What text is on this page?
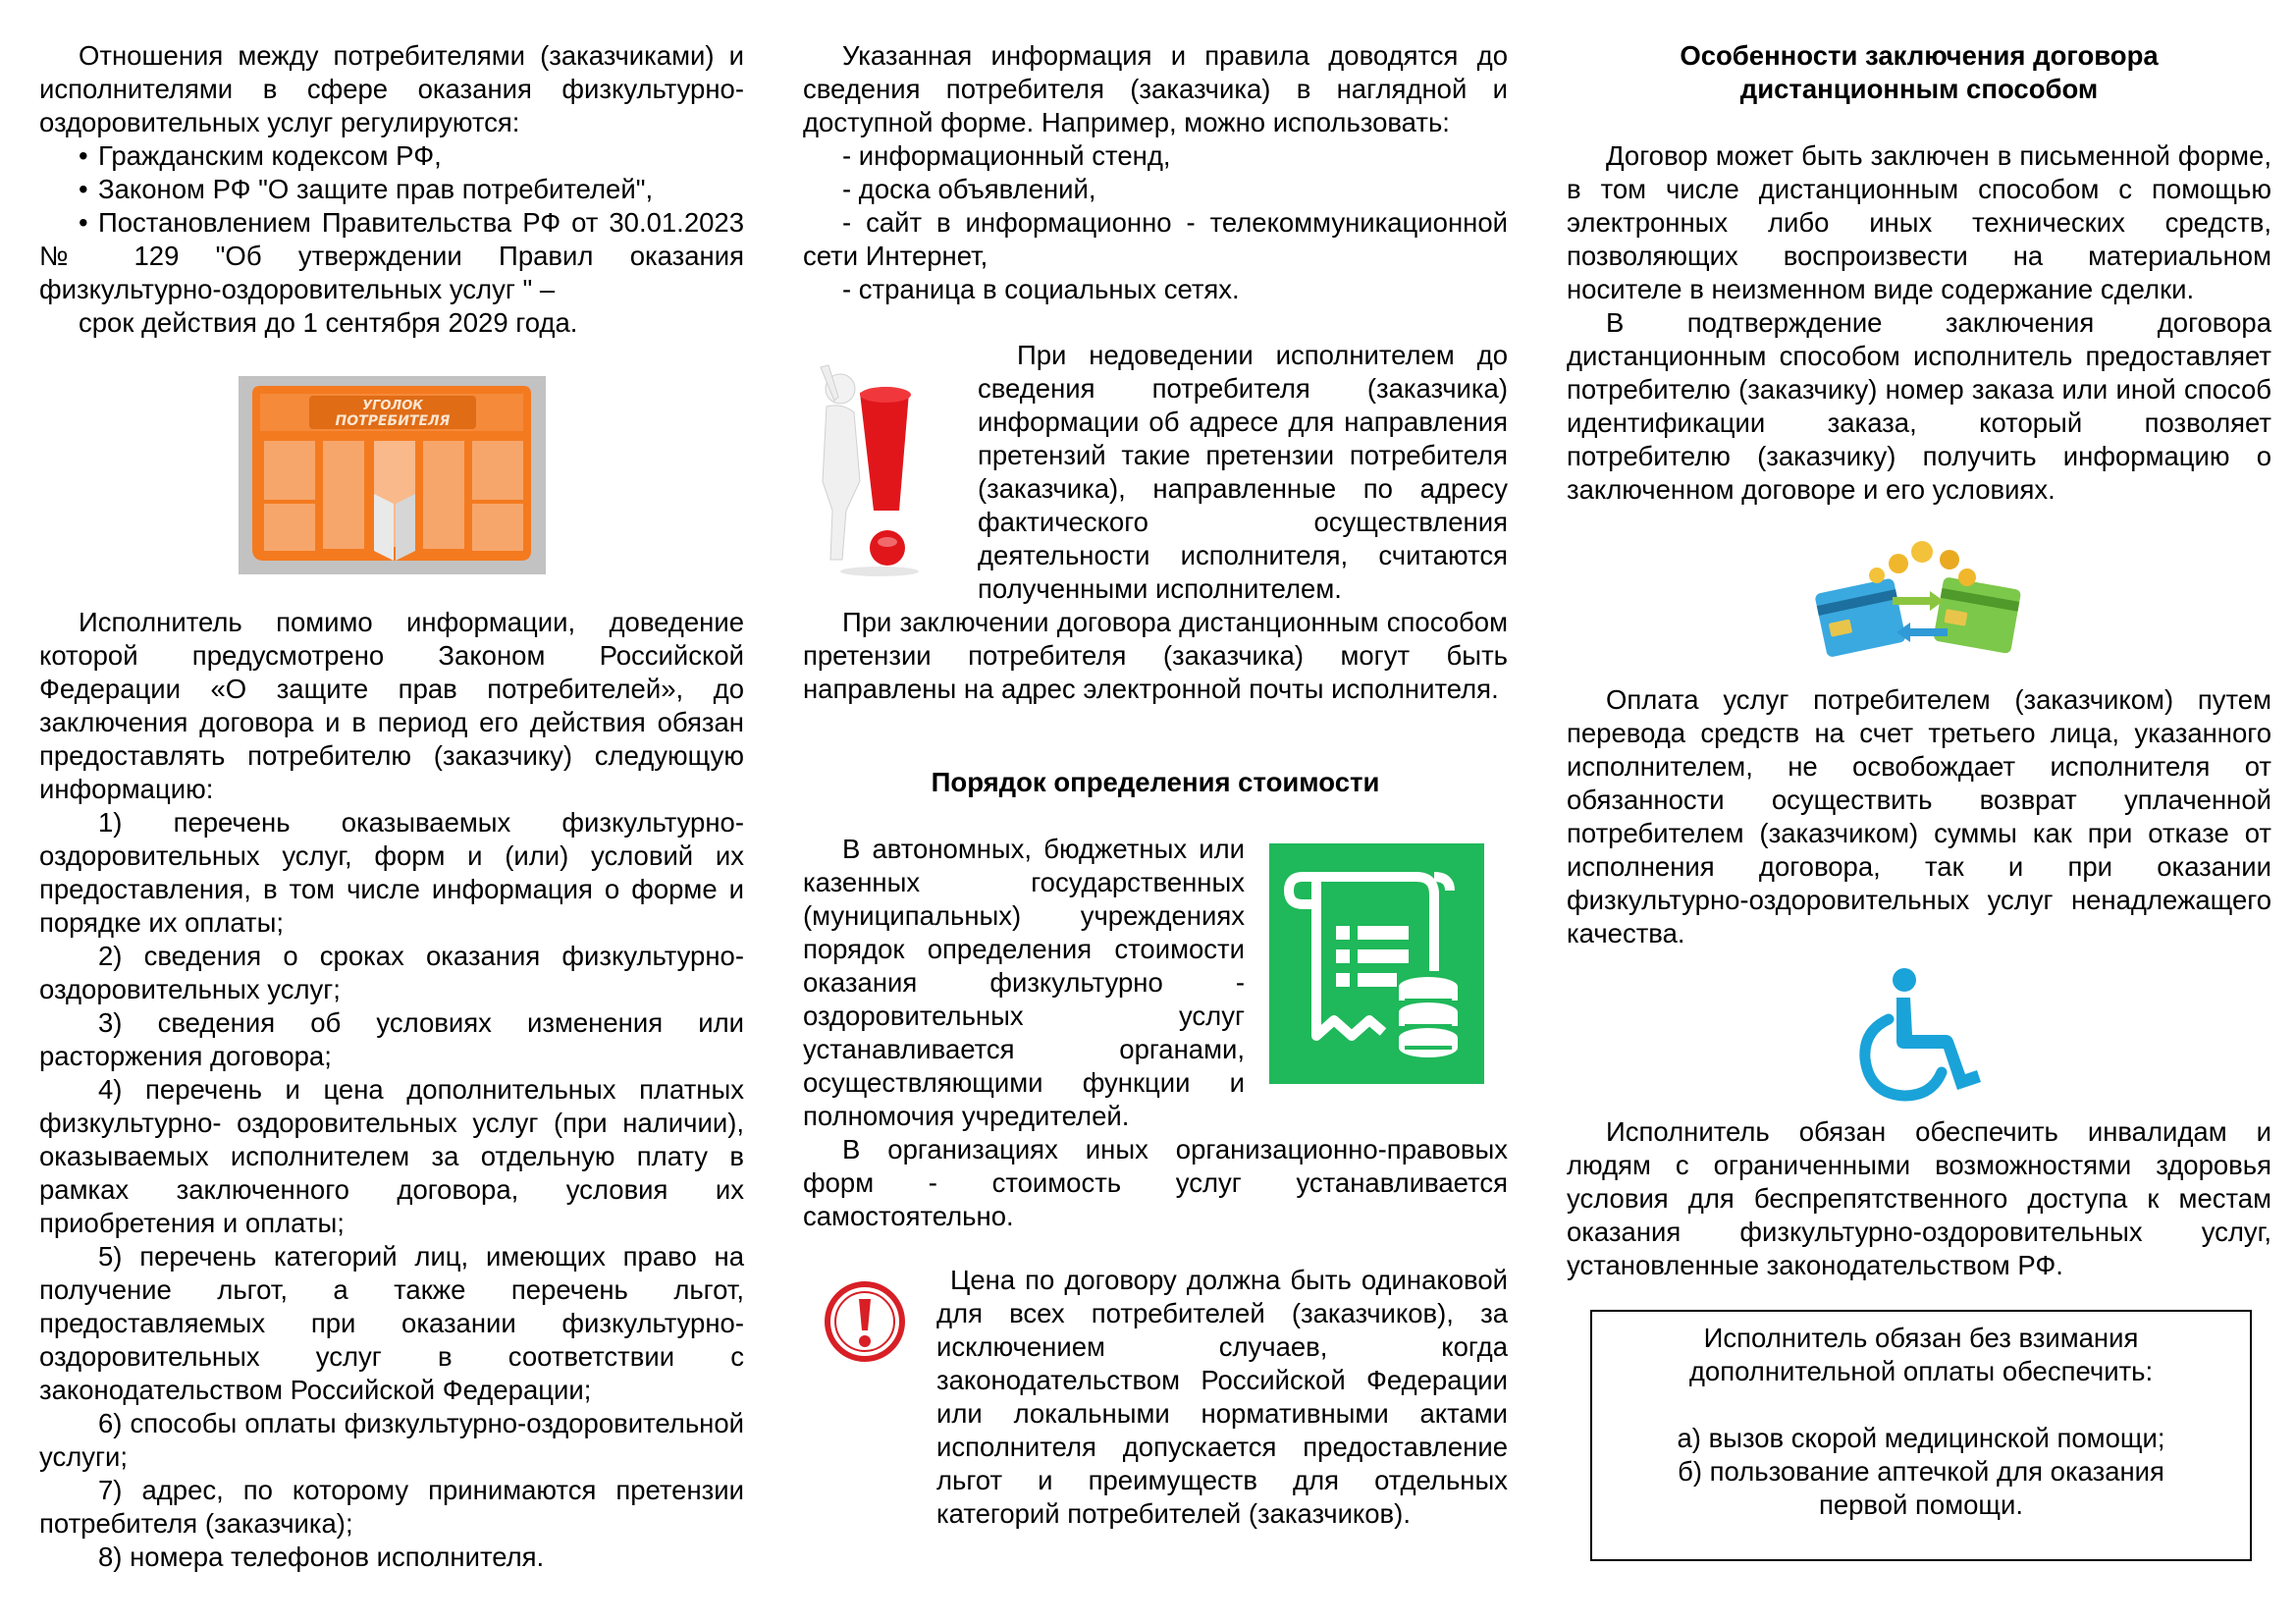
Отношения между потребителями (заказчиками) и исполнителями в сфере оказания физкультурно-оздоровительных услуг регулируются:

• Гражданским кодексом РФ,
• Законом РФ "О защите прав потребителей",
• Постановлением Правительства РФ от 30.01.2023 № 129 "Об утверждении Правил оказания физкультурно-оздоровительных услуг " –
срок действия до 1 сентября 2029 года.
УГОЛОК
ПОТРЕБИТЕЛЯ

Исполнитель помимо информации, доведение которой предусмотрено Законом Российской Федерации «О защите прав потребителей», до заключения договора и в период его действия обязан предоставлять потребителю (заказчику) следующую информацию:

1) перечень оказываемых физкультурно-оздоровительных услуг, форм и (или) условий их предоставления, в том числе информация о форме и порядке их оплаты;
2) сведения о сроках оказания физкультурно-оздоровительных услуг;
3) сведения об условиях изменения или расторжения договора;
4) перечень и цена дополнительных платных физкультурно- оздоровительных услуг (при наличии), оказываемых исполнителем за отдельную плату в рамках заключенного договора, условия их приобретения и оплаты;
5) перечень категорий лиц, имеющих право на получение льгот, а также перечень льгот, предоставляемых при оказании физкультурно-оздоровительных услуг в соответствии с законодательством Российской Федерации;
6) способы оплаты физкультурно-оздоровительной услуги;
7) адрес, по которому принимаются претензии потребителя (заказчика);
8) номера телефонов исполнителя.

Указанная информация и правила доводятся до сведения потребителя (заказчика) в наглядной и доступной форме. Например, можно использовать:

- информационный стенд,
- доска объявлений,
- сайт в информационно - телекоммуникационной сети Интернет,
- страница в социальных сетях.

При недоведении исполнителем до сведения потребителя (заказчика) информации об адресе для направления претензий такие претензии потребителя (заказчика), направленные по адресу фактического осуществления деятельности исполнителя, считаются полученными исполнителем.

При заключении договора дистанционным способом претензии потребителя (заказчика) могут быть направлены на адрес электронной почты исполнителя.

Порядок определения стоимости

В автономных, бюджетных или казенных государственных (муниципальных) учреждениях порядок определения стоимости оказания физкультурно - оздоровительных услуг устанавливается органами, осуществляющими функции и полномочия учредителей.

В организациях иных организационно-правовых форм - стоимость услуг устанавливается самостоятельно.

Цена по договору должна быть одинаковой для всех потребителей (заказчиков), за исключением случаев, когда законодательством Российской Федерации или локальными нормативными актами исполнителя допускается предоставление льгот и преимуществ для отдельных категорий потребителей (заказчиков).

Особенности заключения договора
дистанционным способом

Договор может быть заключен в письменной форме, в том числе дистанционным способом с помощью электронных либо иных технических средств, позволяющих воспроизвести на материальном носителе в неизменном виде содержание сделки.

В подтверждение заключения договора дистанционным способом исполнитель предоставляет потребителю (заказчику) номер заказа или иной способ идентификации заказа, который позволяет потребителю (заказчику) получить информацию о заключенном договоре и его условиях.

Оплата услуг потребителем (заказчиком) путем перевода средств на счет третьего лица, указанного исполнителем, не освобождает исполнителя от обязанности осуществить возврат уплаченной потребителем (заказчиком) суммы как при отказе от исполнения договора, так и при оказании физкультурно-оздоровительных услуг ненадлежащего качества.

Исполнитель обязан обеспечить инвалидам и людям с ограниченными возможностями здоровья условия для беспрепятственного доступа к местам оказания физкультурно-оздоровительных услуг, установленные законодательством РФ.

Исполнитель обязан без взимания
дополнительной оплаты обеспечить:
а) вызов скорой медицинской помощи;
б) пользование аптечкой для оказания
первой помощи.
